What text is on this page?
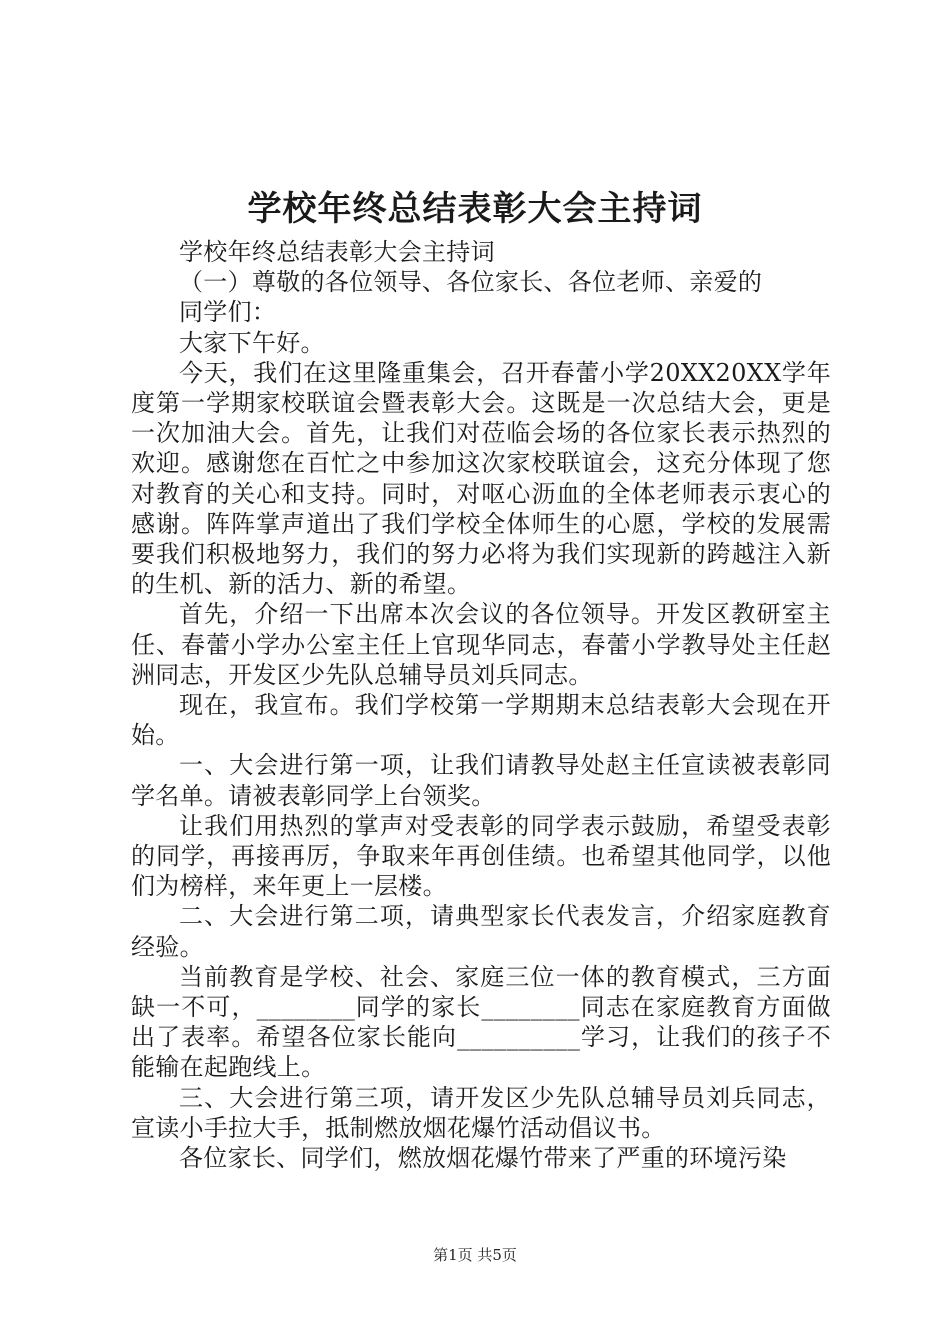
学校年终总结表彰大会主持词

学校年终总结表彰大会主持词

（一）尊敬的各位领导、各位家长、各位老师、亲爱的

同学们：

大家下午好。

今天，我们在这里隆重集会，召开春蕾小学20XX20XX学年度第一学期家校联谊会暨表彰大会。这既是一次总结大会，更是一次加油大会。首先，让我们对莅临会场的各位家长表示热烈的欢迎。感谢您在百忙之中参加这次家校联谊会，这充分体现了您对教育的关心和支持。同时，对呕心沥血的全体老师表示衷心的感谢。阵阵掌声道出了我们学校全体师生的心愿，学校的发展需要我们积极地努力，我们的努力必将为我们实现新的跨越注入新的生机、新的活力、新的希望。

首先，介绍一下出席本次会议的各位领导。开发区教研室主任、春蕾小学办公室主任上官现华同志，春蕾小学教导处主任赵洲同志，开发区少先队总辅导员刘兵同志。

现在，我宣布。我们学校第一学期期末总结表彰大会现在开始。

一、大会进行第一项，让我们请教导处赵主任宣读被表彰同学名单。请被表彰同学上台领奖。

让我们用热烈的掌声对受表彰的同学表示鼓励，希望受表彰的同学，再接再厉，争取来年再创佳绩。也希望其他同学，以他们为榜样，来年更上一层楼。

二、大会进行第二项，请典型家长代表发言，介绍家庭教育经验。

当前教育是学校、社会、家庭三位一体的教育模式，三方面缺一不可，________同学的家长________同志在家庭教育方面做出了表率。希望各位家长能向__________学习，让我们的孩子不能输在起跑线上。

三、大会进行第三项，请开发区少先队总辅导员刘兵同志，宣读小手拉大手，抵制燃放烟花爆竹活动倡议书。

各位家长、同学们，燃放烟花爆竹带来了严重的环境污染

第1页 共5页
